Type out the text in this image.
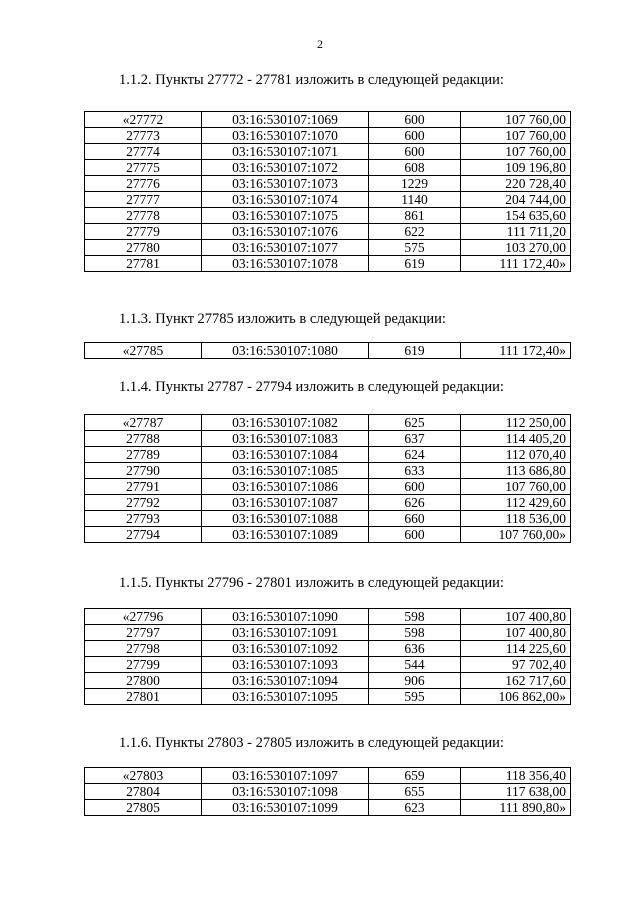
2
1.1.2. Пункты 27772 - 27781 изложить в следующей редакции:
«27772	03:16:530107:1069	600	107 760,00
27773	03:16:530107:1070	600	107 760,00
27774	03:16:530107:1071	600	107 760,00
27775	03:16:530107:1072	608	109 196,80
27776	03:16:530107:1073	1229	220 728,40
27777	03:16:530107:1074	1140	204 744,00
27778	03:16:530107:1075	861	154 635,60
27779	03:16:530107:1076	622	111 711,20
27780	03:16:530107:1077	575	103 270,00
27781	03:16:530107:1078	619	111 172,40»
1.1.3. Пункт 27785 изложить в следующей редакции:
«27785	03:16:530107:1080	619	111 172,40»
1.1.4. Пункты 27787 - 27794 изложить в следующей редакции:
«27787	03:16:530107:1082	625	112 250,00
27788	03:16:530107:1083	637	114 405,20
27789	03:16:530107:1084	624	112 070,40
27790	03:16:530107:1085	633	113 686,80
27791	03:16:530107:1086	600	107 760,00
27792	03:16:530107:1087	626	112 429,60
27793	03:16:530107:1088	660	118 536,00
27794	03:16:530107:1089	600	107 760,00»
1.1.5. Пункты 27796 - 27801 изложить в следующей редакции:
«27796	03:16:530107:1090	598	107 400,80
27797	03:16:530107:1091	598	107 400,80
27798	03:16:530107:1092	636	114 225,60
27799	03:16:530107:1093	544	97 702,40
27800	03:16:530107:1094	906	162 717,60
27801	03:16:530107:1095	595	106 862,00»
1.1.6. Пункты 27803 - 27805 изложить в следующей редакции:
«27803	03:16:530107:1097	659	118 356,40
27804	03:16:530107:1098	655	117 638,00
27805	03:16:530107:1099	623	111 890,80»
